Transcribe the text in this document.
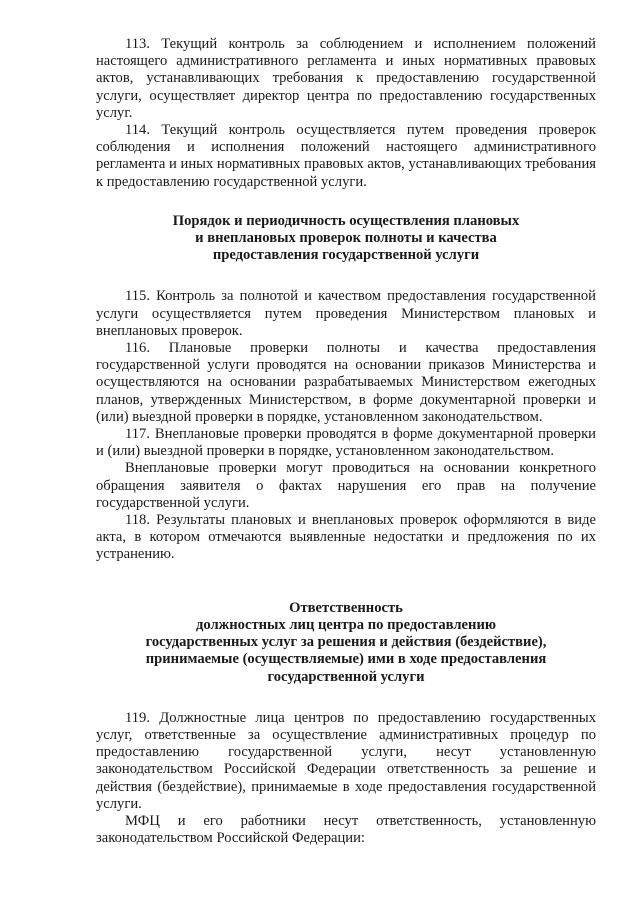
113. Текущий контроль за соблюдением и исполнением положений настоящего административного регламента и иных нормативных правовых актов, устанавливающих требования к предоставлению государственной услуги, осуществляет директор центра по предоставлению государственных услуг.

114. Текущий контроль осуществляется путем проведения проверок соблюдения и исполнения положений настоящего административного регламента и иных нормативных правовых актов, устанавливающих требования к предоставлению государственной услуги.

Порядок и периодичность осуществления плановых
и внеплановых проверок полноты и качества
предоставления государственной услуги

115. Контроль за полнотой и качеством предоставления государственной услуги осуществляется путем проведения Министерством плановых и внеплановых проверок.

116. Плановые проверки полноты и качества предоставления государственной услуги проводятся на основании приказов Министерства и осуществляются на основании разрабатываемых Министерством ежегодных планов, утвержденных Министерством, в форме документарной проверки и (или) выездной проверки в порядке, установленном законодательством.

117. Внеплановые проверки проводятся в форме документарной проверки и (или) выездной проверки в порядке, установленном законодательством.

Внеплановые проверки могут проводиться на основании конкретного обращения заявителя о фактах нарушения его прав на получение государственной услуги.

118. Результаты плановых и внеплановых проверок оформляются в виде акта, в котором отмечаются выявленные недостатки и предложения по их устранению.

Ответственность
должностных лиц центра по предоставлению
государственных услуг за решения и действия (бездействие),
принимаемые (осуществляемые) ими в ходе предоставления
государственной услуги

119. Должностные лица центров по предоставлению государственных услуг, ответственные за осуществление административных процедур по предоставлению государственной услуги, несут установленную законодательством Российской Федерации ответственность за решение и действия (бездействие), принимаемые в ходе предоставления государственной услуги.

МФЦ и его работники несут ответственность, установленную законодательством Российской Федерации:
